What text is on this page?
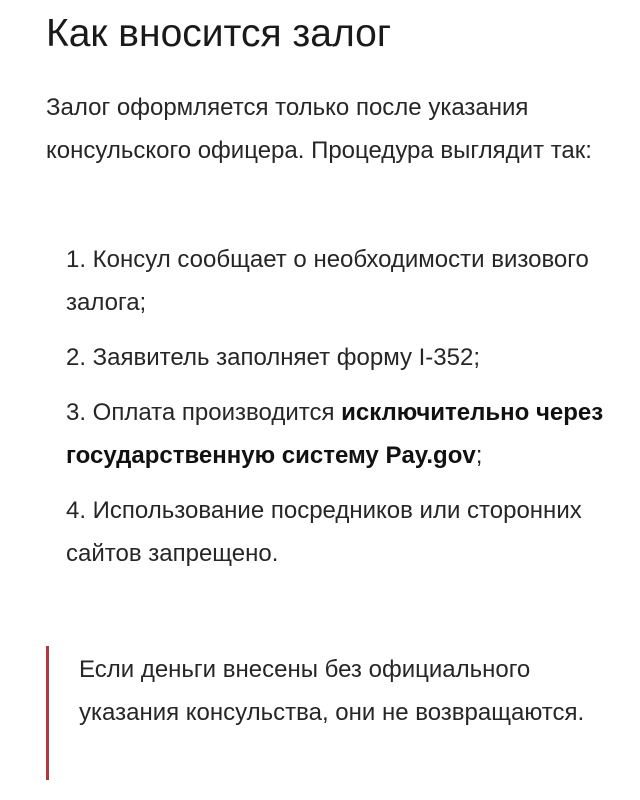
Как вносится залог

Залог оформляется только после указания консульского офицера. Процедура выглядит так:

1. Консул сообщает о необходимости визового залога;
2. Заявитель заполняет форму I-352;
3. Оплата производится исключительно через государственную систему Pay.gov;
4. Использование посредников или сторонних сайтов запрещено.

Если деньги внесены без официального указания консульства, они не возвращаются.
